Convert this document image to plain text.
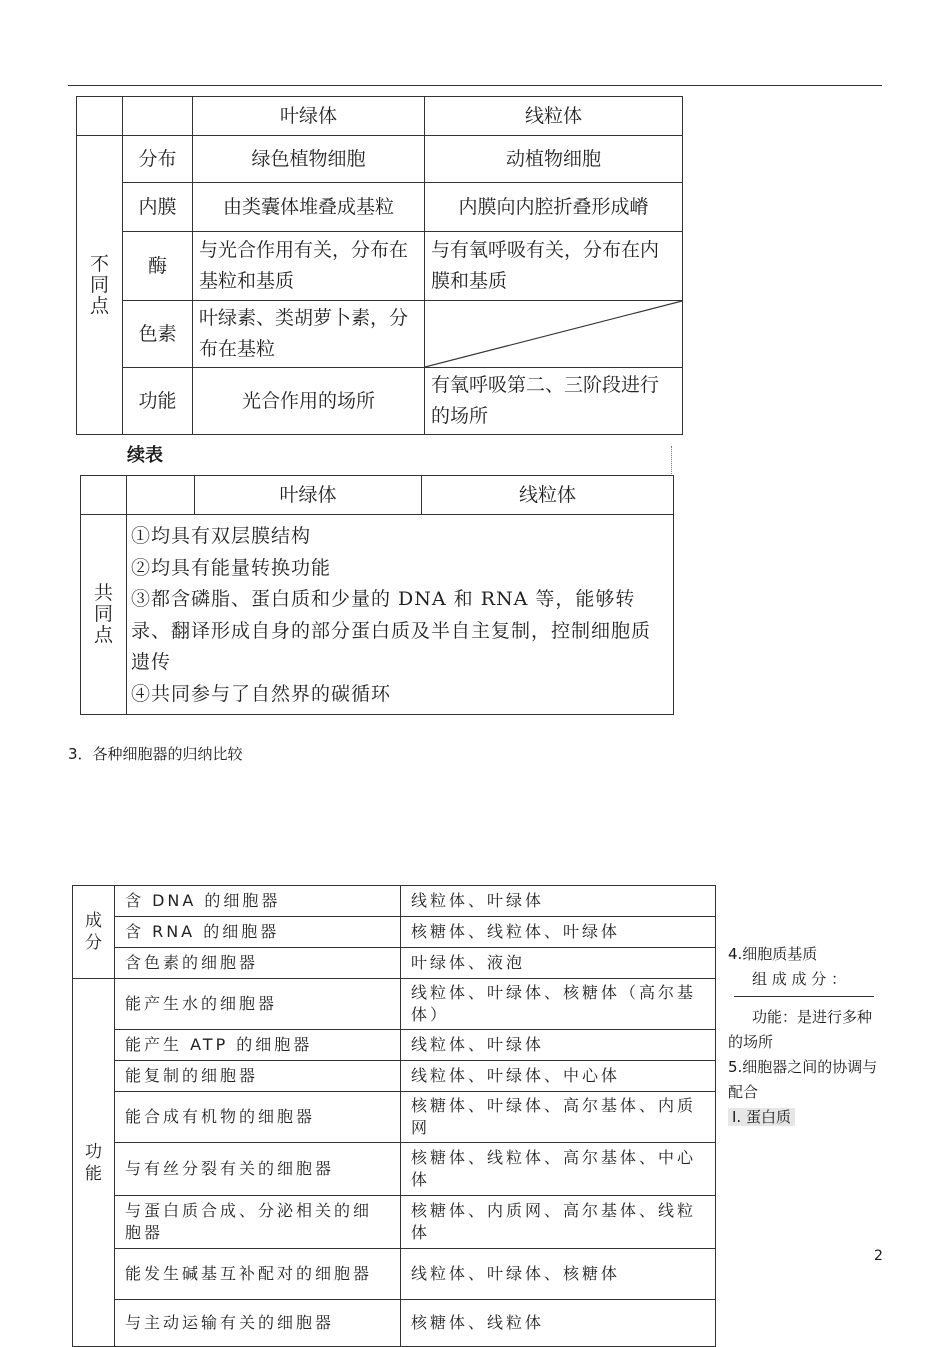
		叶绿体	线粒体

不
同
点	分布	绿色植物细胞	动植物细胞
	内膜	由类囊体堆叠成基粒	内膜向内腔折叠形成嵴
	酶	与光合作用有关，分布在基粒和基质	与有氧呼吸有关，分布在内膜和基质
	色素	叶绿素、类胡萝卜素，分布在基粒	

	功能	光合作用的场所	有氧呼吸第二、三阶段进行的场所
续表
		叶绿体	线粒体

共
同
点	①均具有双层膜结构
②均具有能量转换功能
③都含磷脂、蛋白质和少量的 DNA 和 RNA 等，能够转录、翻译形成自身的部分蛋白质及半自主复制，控制细胞质遗传
④共同参与了自然界的碳循环		
3．各种细胞器的归纳比较
成
分	含 DNA 的细胞器	线粒体、叶绿体
	含 RNA 的细胞器	核糖体、线粒体、叶绿体
	含色素的细胞器	叶绿体、液泡

功
能	能产生水的细胞器	线粒体、叶绿体、核糖体（高尔基体）
	能产生 ATP 的细胞器	线粒体、叶绿体
	能复制的细胞器	线粒体、叶绿体、中心体
	能合成有机物的细胞器	核糖体、叶绿体、高尔基体、内质网
	与有丝分裂有关的细胞器	核糖体、线粒体、高尔基体、中心体
	与蛋白质合成、分泌相关的细胞器	核糖体、内质网、高尔基体、线粒体
	能发生碱基互补配对的细胞器	线粒体、叶绿体、核糖体
	与主动运输有关的细胞器	核糖体、线粒体
4.细胞质基质
组 成 成 分 ：
功能：是进行多种
的场所
5.细胞器之间的协调与配合
Ⅰ. 蛋白质
2
